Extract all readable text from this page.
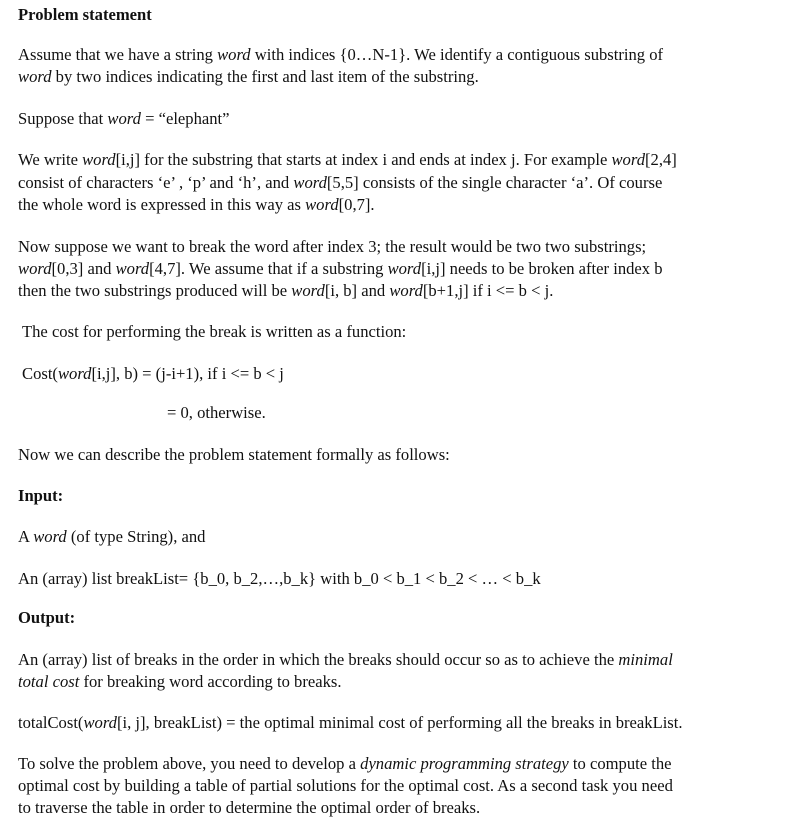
Problem statement
Assume that we have a string word with indices {0…N-1}. We identify a contiguous substring of
word by two indices indicating the first and last item of the substring.
Suppose that word = “elephant”
We write word[i,j] for the substring that starts at index i and ends at index j. For example word[2,4]
consist of characters ‘e’ , ‘p’ and ‘h’, and word[5,5] consists of the single character ‘a’. Of course
the whole word is expressed in this way as word[0,7].
Now suppose we want to break the word after index 3; the result would be two two substrings;
word[0,3] and word[4,7]. We assume that if a substring word[i,j] needs to be broken after index b
then the two substrings produced will be word[i, b] and word[b+1,j] if i <= b < j.
The cost for performing the break is written as a function:
Cost(word[i,j], b) = (j-i+1), if i <= b < j
= 0, otherwise.
Now we can describe the problem statement formally as follows:
Input:
A word (of type String), and
An (array) list breakList= {b_0, b_2,…,b_k} with b_0 < b_1 < b_2 < … < b_k
Output:
An (array) list of breaks in the order in which the breaks should occur so as to achieve the minimal
total cost for breaking word according to breaks.
totalCost(word[i, j], breakList) = the optimal minimal cost of performing all the breaks in breakList.
To solve the problem above, you need to develop a dynamic programming strategy to compute the
optimal cost by building a table of partial solutions for the optimal cost. As a second task you need
to traverse the table in order to determine the optimal order of breaks.
